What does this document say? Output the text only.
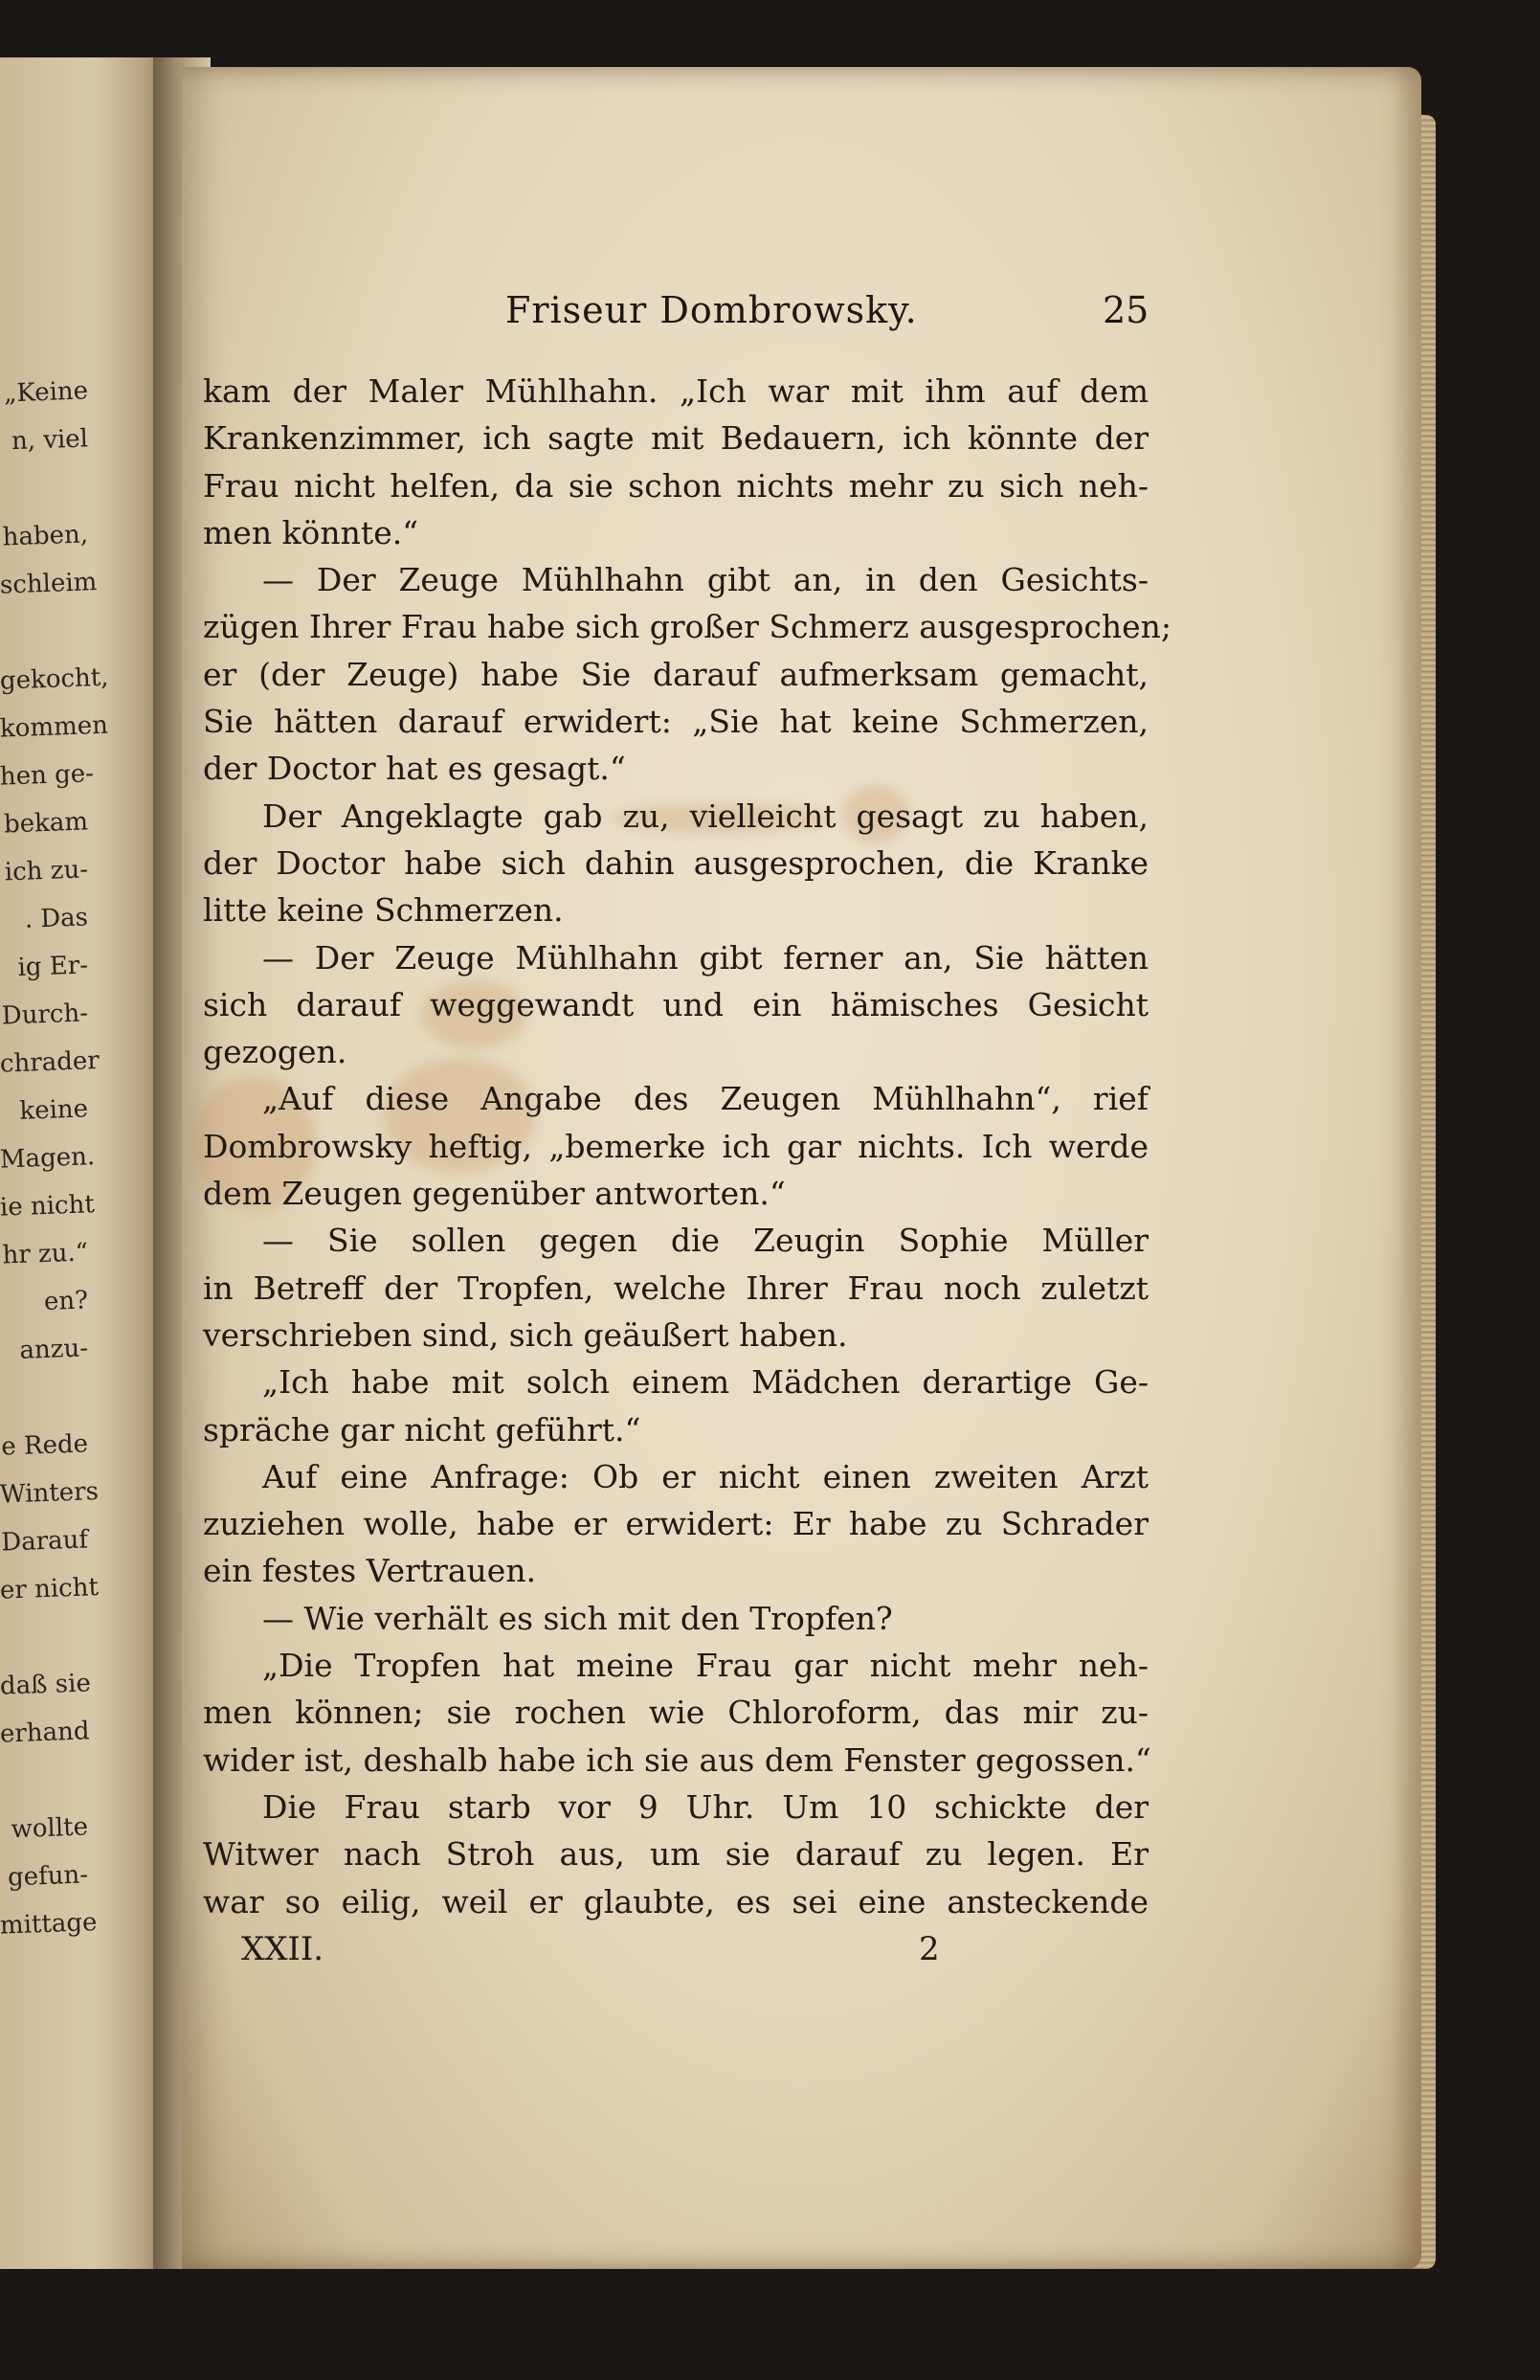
„Keine
n, viel
haben,
schleim
gekocht,
kommen
hen ge-
bekam
ich zu-
. Das
ig Er-
Durch-
chrader
keine
Magen.
ie nicht
hr zu.“
en?
anzu-
e Rede
Winters
Darauf
er nicht
daß sie
erhand
wollte
gefun-
mittage
Friseur Dombrowsky.	25
kam der Maler Mühlhahn. „Ich war mit ihm auf dem
Krankenzimmer, ich sagte mit Bedauern, ich könnte der
Frau nicht helfen, da sie schon nichts mehr zu sich neh-
men könnte.“
— Der Zeuge Mühlhahn gibt an, in den Gesichts-
zügen Ihrer Frau habe sich großer Schmerz ausgesprochen;
er (der Zeuge) habe Sie darauf aufmerksam gemacht,
Sie hätten darauf erwidert: „Sie hat keine Schmerzen,
der Doctor hat es gesagt.“
Der Angeklagte gab zu, vielleicht gesagt zu haben,
der Doctor habe sich dahin ausgesprochen, die Kranke
litte keine Schmerzen.
— Der Zeuge Mühlhahn gibt ferner an, Sie hätten
sich darauf weggewandt und ein hämisches Gesicht
gezogen.
„Auf diese Angabe des Zeugen Mühlhahn“, rief
Dombrowsky heftig, „bemerke ich gar nichts. Ich werde
dem Zeugen gegenüber antworten.“
— Sie sollen gegen die Zeugin Sophie Müller
in Betreff der Tropfen, welche Ihrer Frau noch zuletzt
verschrieben sind, sich geäußert haben.
„Ich habe mit solch einem Mädchen derartige Ge-
spräche gar nicht geführt.“
Auf eine Anfrage: Ob er nicht einen zweiten Arzt
zuziehen wolle, habe er erwidert: Er habe zu Schrader
ein festes Vertrauen.
— Wie verhält es sich mit den Tropfen?
„Die Tropfen hat meine Frau gar nicht mehr neh-
men können; sie rochen wie Chloroform, das mir zu-
wider ist, deshalb habe ich sie aus dem Fenster gegossen.“
Die Frau starb vor 9 Uhr. Um 10 schickte der
Witwer nach Stroh aus, um sie darauf zu legen. Er
war so eilig, weil er glaubte, es sei eine ansteckende
XXII.	2
